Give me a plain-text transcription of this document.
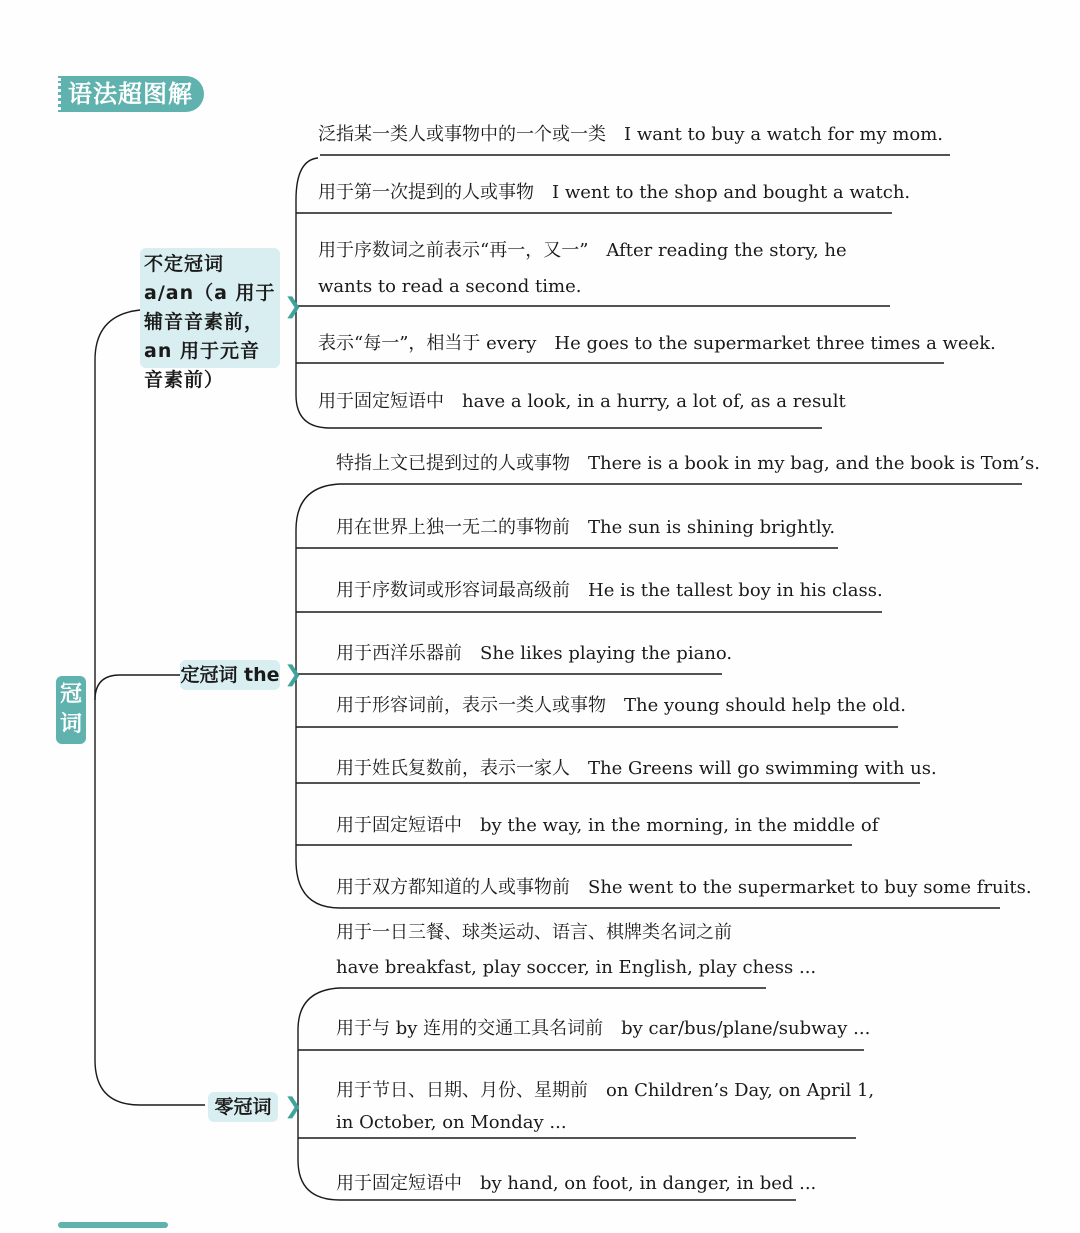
语法超图解
冠
词
不定冠词 a/an（a 用于辅音音素前，an 用于元音音素前）
❯
定冠词 the ❯
零冠词 ❯
泛指某一类人或事物中的一个或一类 I want to buy a watch for my mom.
用于第一次提到的人或事物 I went to the shop and bought a watch.
用于序数词之前表示“再一，又一” After reading the story, he
wants to read a second time.
表示“每一”，相当于 every He goes to the supermarket three times a week.
用于固定短语中 have a look, in a hurry, a lot of, as a result
特指上文已提到过的人或事物 There is a book in my bag, and the book is Tom’s.
用在世界上独一无二的事物前 The sun is shining brightly.
用于序数词或形容词最高级前 He is the tallest boy in his class.
用于西洋乐器前 She likes playing the piano.
用于形容词前，表示一类人或事物 The young should help the old.
用于姓氏复数前，表示一家人 The Greens will go swimming with us.
用于固定短语中 by the way, in the morning, in the middle of
用于双方都知道的人或事物前 She went to the supermarket to buy some fruits.
用于一日三餐、球类运动、语言、棋牌类名词之前
have breakfast, play soccer, in English, play chess ...
用于与 by 连用的交通工具名词前 by car/bus/plane/subway ...
用于节日、日期、月份、星期前 on Children’s Day, on April 1,
in October, on Monday ...
用于固定短语中 by hand, on foot, in danger, in bed ...
